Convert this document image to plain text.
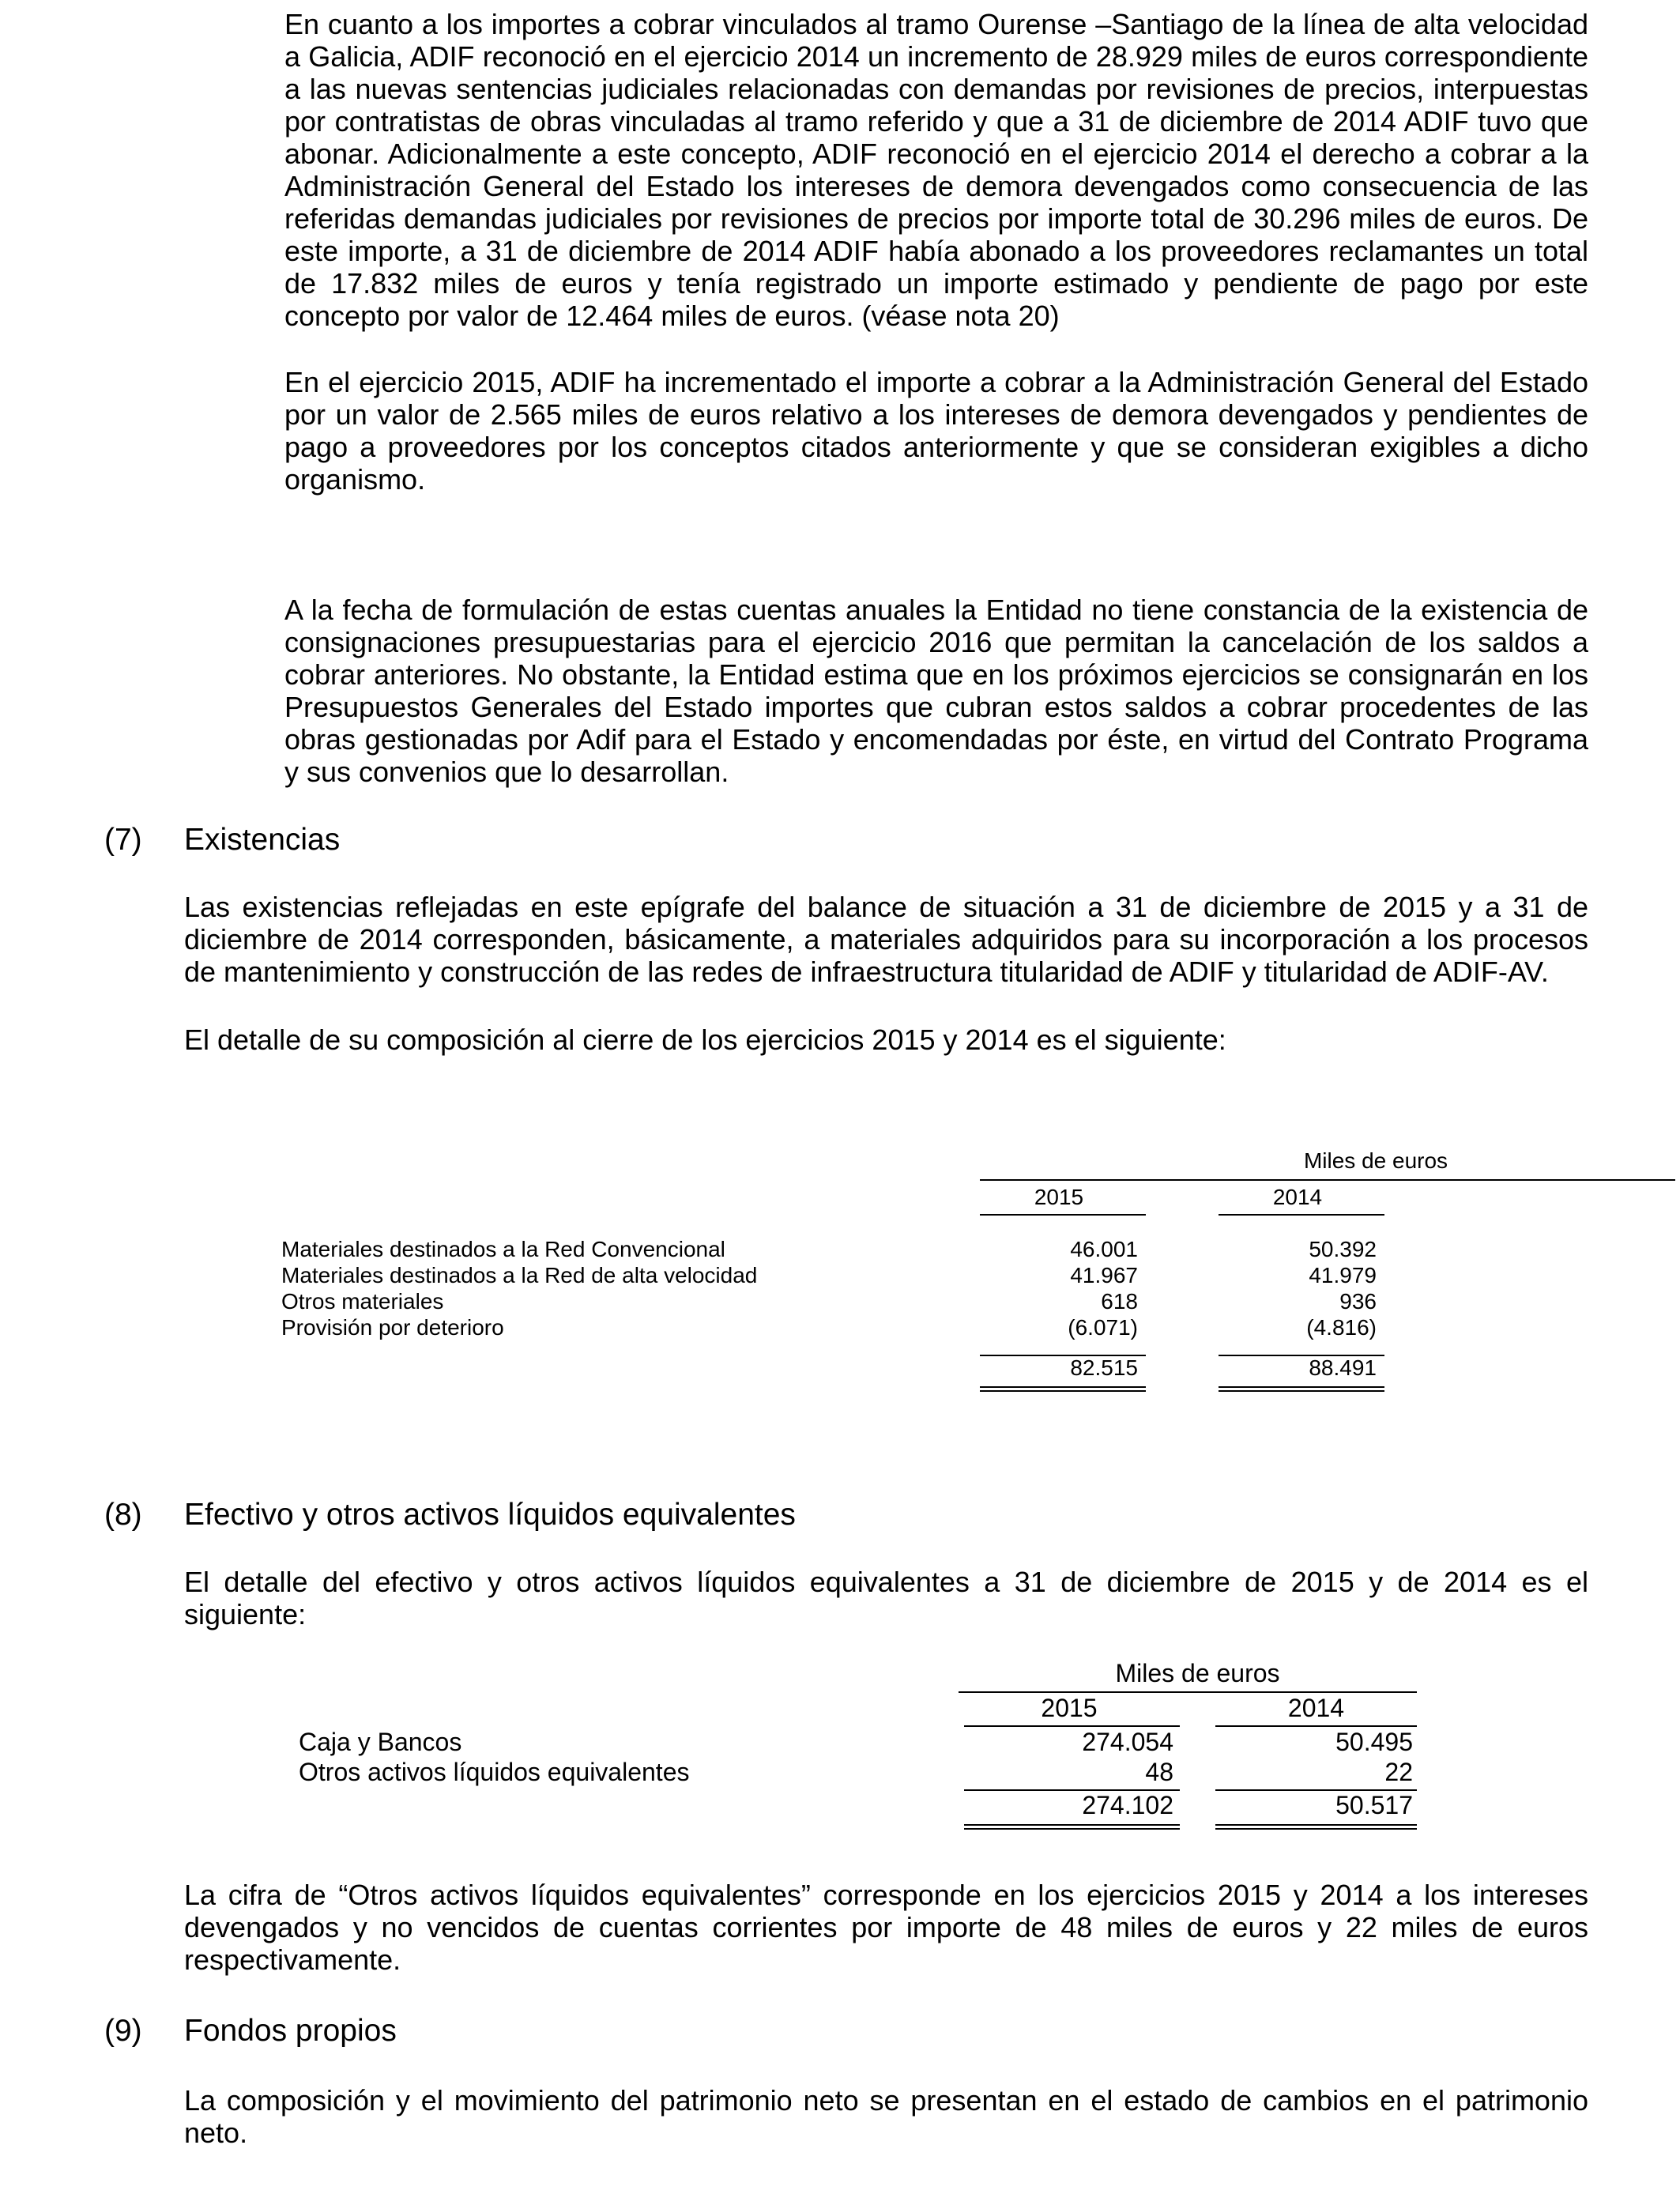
En cuanto a los importes a cobrar vinculados al tramo Ourense –Santiago de la línea de alta velocidad a Galicia, ADIF reconoció en el ejercicio 2014 un incremento de 28.929 miles de euros correspondiente a las nuevas sentencias judiciales relacionadas con demandas por revisiones de precios, interpuestas por contratistas de obras vinculadas al tramo referido y que a 31 de diciembre de 2014 ADIF tuvo que abonar. Adicionalmente a este concepto, ADIF reconoció en el ejercicio 2014 el derecho a cobrar a la Administración General del Estado los intereses de demora devengados como consecuencia de las referidas demandas judiciales por revisiones de precios por importe total de 30.296 miles de euros. De este importe, a 31 de diciembre de 2014 ADIF había abonado a los proveedores reclamantes un total de 17.832 miles de euros y tenía registrado un importe estimado y pendiente de pago por este concepto por valor de 12.464 miles de euros. (véase nota 20)

En el ejercicio 2015, ADIF ha incrementado el importe a cobrar a la Administración General del Estado por un valor de 2.565 miles de euros relativo a los intereses de demora devengados y pendientes de pago a proveedores por los conceptos citados anteriormente y que se consideran exigibles a dicho organismo.

A la fecha de formulación de estas cuentas anuales la Entidad no tiene constancia de la existencia de consignaciones presupuestarias para el ejercicio 2016 que permitan la cancelación de los saldos a cobrar anteriores. No obstante, la Entidad estima que en los próximos ejercicios se consignarán en los Presupuestos Generales del Estado importes que cubran estos saldos a cobrar procedentes de las obras gestionadas por Adif para el Estado y encomendadas por éste, en virtud del Contrato Programa y sus convenios que lo desarrollan.

(7) Existencias

Las existencias reflejadas en este epígrafe del balance de situación a 31 de diciembre de 2015 y a 31 de diciembre de 2014 corresponden, básicamente, a materiales adquiridos para su incorporación a los procesos de mantenimiento y construcción de las redes de infraestructura titularidad de ADIF y titularidad de ADIF-AV.

El detalle de su composición al cierre de los ejercicios 2015 y 2014 es el siguiente:

Miles de euros
2015	2014
Materiales destinados a la Red Convencional	46.001	50.392
Materiales destinados a la Red de alta velocidad	41.967	41.979
Otros materiales	618	936
Provisión por deterioro	(6.071)	(4.816)
82.515	88.491
(8) Efectivo y otros activos líquidos equivalentes

El detalle del efectivo y otros activos líquidos equivalentes a 31 de diciembre de 2015 y de 2014 es el siguiente:

Miles de euros
2015	2014
Caja y Bancos	274.054	50.495
Otros activos líquidos equivalentes	48	22
274.102	50.517

La cifra de “Otros activos líquidos equivalentes” corresponde en los ejercicios 2015 y 2014 a los intereses devengados y no vencidos de cuentas corrientes por importe de 48 miles de euros y 22 miles de euros respectivamente.

(9) Fondos propios

La composición y el movimiento del patrimonio neto se presentan en el estado de cambios en el patrimonio neto.
